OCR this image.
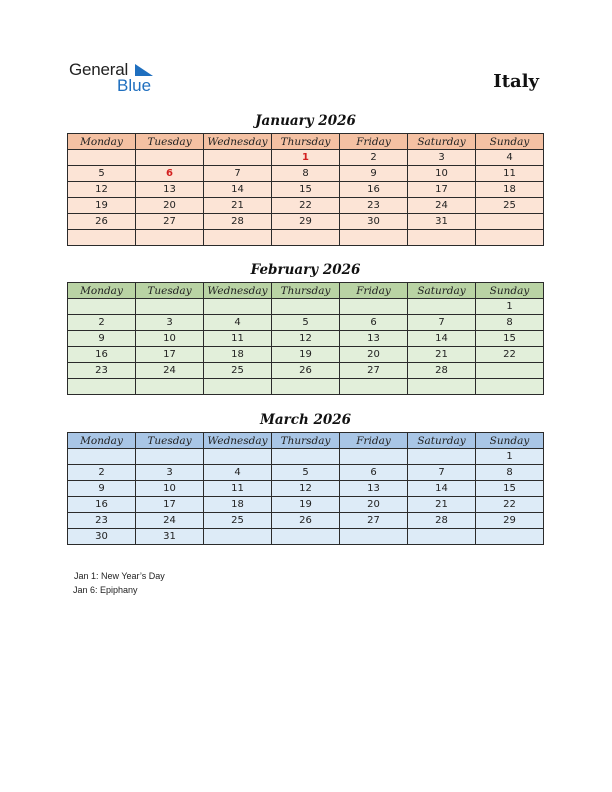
General
Blue	Italy
January 2026
Monday	Tuesday	Wednesday	Thursday	Friday	Saturday	Sunday
			1	2	3	4
5	6	7	8	9	10	11
12	13	14	15	16	17	18
19	20	21	22	23	24	25
26	27	28	29	30	31	

February 2026
Monday	Tuesday	Wednesday	Thursday	Friday	Saturday	Sunday
						1
2	3	4	5	6	7	8
9	10	11	12	13	14	15
16	17	18	19	20	21	22
23	24	25	26	27	28	

March 2026
Monday	Tuesday	Wednesday	Thursday	Friday	Saturday	Sunday
						1
2	3	4	5	6	7	8
9	10	11	12	13	14	15
16	17	18	19	20	21	22
23	24	25	26	27	28	29
30	31					
Jan 1: New Year’s Day
Jan 6: Epiphany
